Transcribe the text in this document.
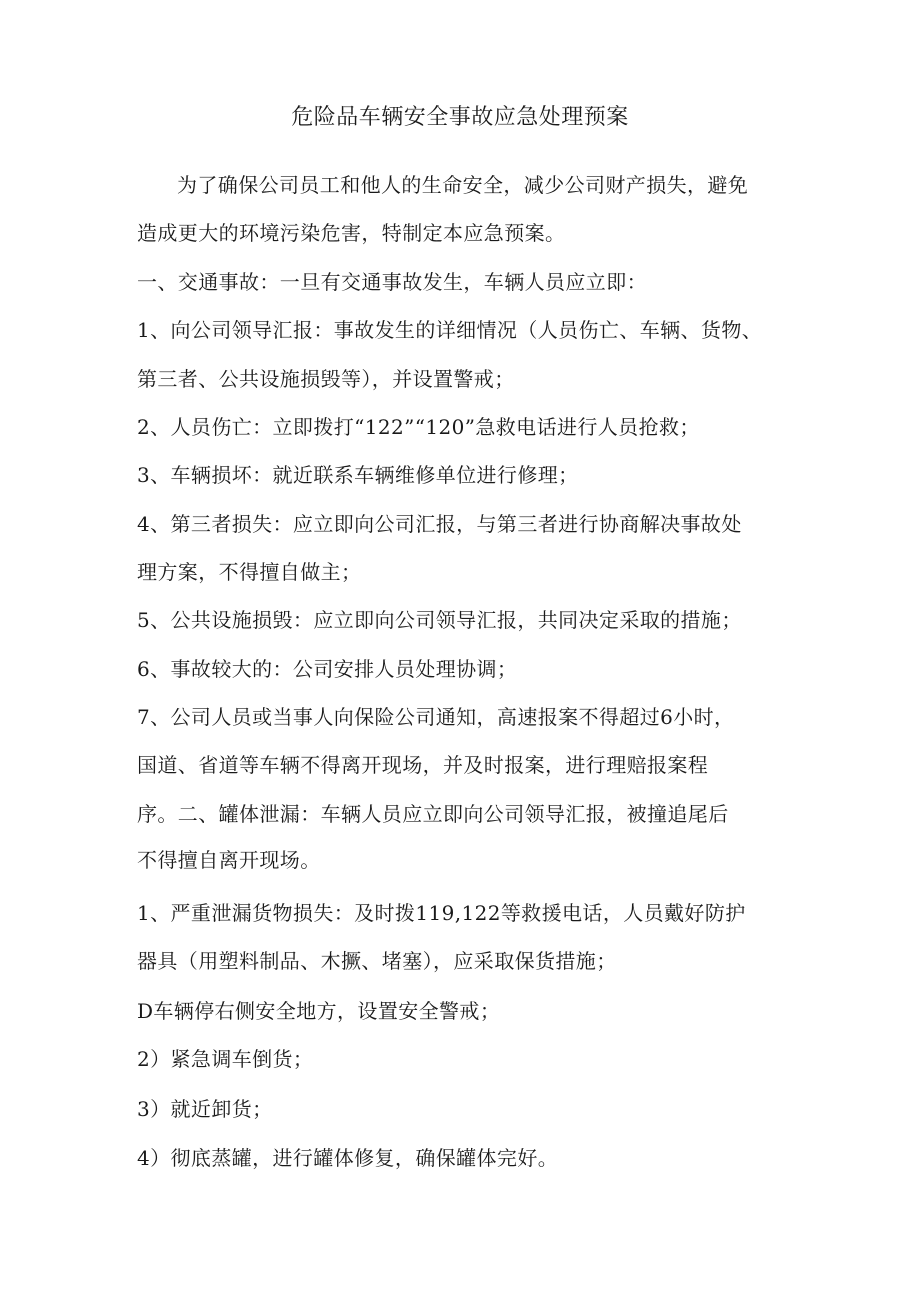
危险品车辆安全事故应急处理预案

为了确保公司员工和他人的生命安全，减少公司财产损失，避免

造成更大的环境污染危害，特制定本应急预案。

一、交通事故：一旦有交通事故发生，车辆人员应立即：

1、向公司领导汇报：事故发生的详细情况（人员伤亡、车辆、货物、

第三者、公共设施损毁等），并设置警戒；

2、人员伤亡：立即拨打“122”“120”急救电话进行人员抢救；

3、车辆损坏：就近联系车辆维修单位进行修理；

4、第三者损失：应立即向公司汇报，与第三者进行协商解决事故处

理方案，不得擅自做主；

5、公共设施损毁：应立即向公司领导汇报，共同决定采取的措施；

6、事故较大的：公司安排人员处理协调；

7、公司人员或当事人向保险公司通知，高速报案不得超过6小时，

国道、省道等车辆不得离开现场，并及时报案，进行理赔报案程

序。二、罐体泄漏：车辆人员应立即向公司领导汇报，被撞追尾后

不得擅自离开现场。

1、严重泄漏货物损失：及时拨119,122等救援电话，人员戴好防护

器具（用塑料制品、木撅、堵塞），应采取保货措施；

D车辆停右侧安全地方，设置安全警戒；

2）紧急调车倒货；

3）就近卸货；

4）彻底蒸罐，进行罐体修复，确保罐体完好。
